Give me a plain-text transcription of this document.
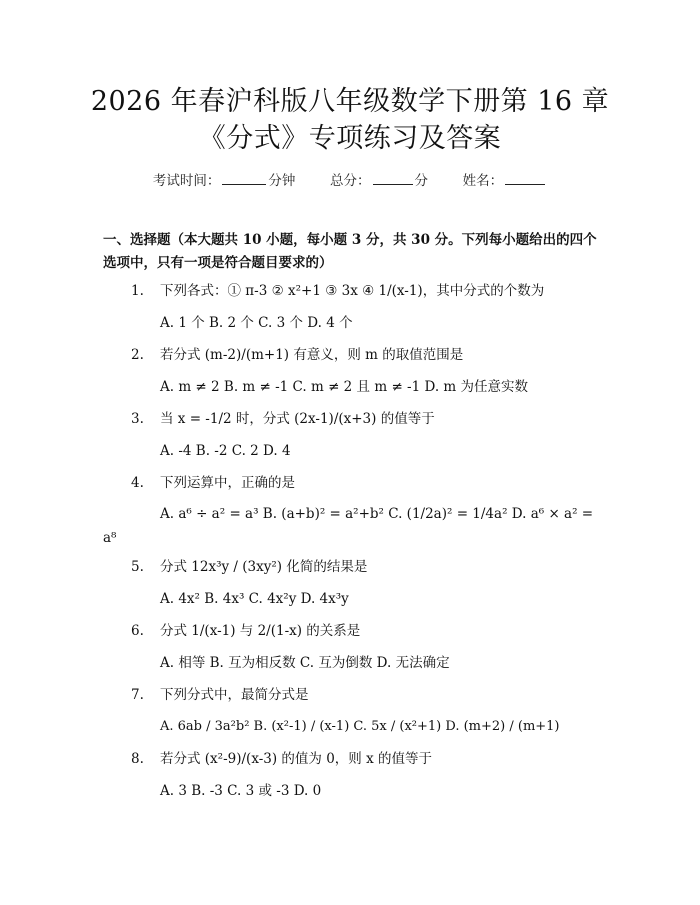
2026 年春沪科版八年级数学下册第 16 章
《分式》专项练习及答案
考试时间：	分钟	总分：	分	姓名：
一、选择题（本大题共 10 小题，每小题 3 分，共 30 分。下列每小题给出的四个选项中，只有一项是符合题目要求的）
1. 下列各式：① π-3 ② x²+1 ③ 3x ④ 1/(x-1)，其中分式的个数为
A. 1 个 B. 2 个 C. 3 个 D. 4 个
2. 若分式 (m-2)/(m+1) 有意义，则 m 的取值范围是
A. m ≠ 2 B. m ≠ -1 C. m ≠ 2 且 m ≠ -1 D. m 为任意实数
3. 当 x = -1/2 时，分式 (2x-1)/(x+3) 的值等于
A. -4 B. -2 C. 2 D. 4
4. 下列运算中，正确的是
A. a⁶ ÷ a² = a³ B. (a+b)² = a²+b² C. (1/2a)² = 1/4a² D. a⁶ × a² = a⁸
5. 分式 12x³y / (3xy²) 化简的结果是
A. 4x² B. 4x³ C. 4x²y D. 4x³y
6. 分式 1/(x-1) 与 2/(1-x) 的关系是
A. 相等 B. 互为相反数 C. 互为倒数 D. 无法确定
7. 下列分式中，最简分式是
A. 6ab / 3a²b² B. (x²-1) / (x-1) C. 5x / (x²+1) D. (m+2) / (m+1)
8. 若分式 (x²-9)/(x-3) 的值为 0，则 x 的值等于
A. 3 B. -3 C. 3 或 -3 D. 0
